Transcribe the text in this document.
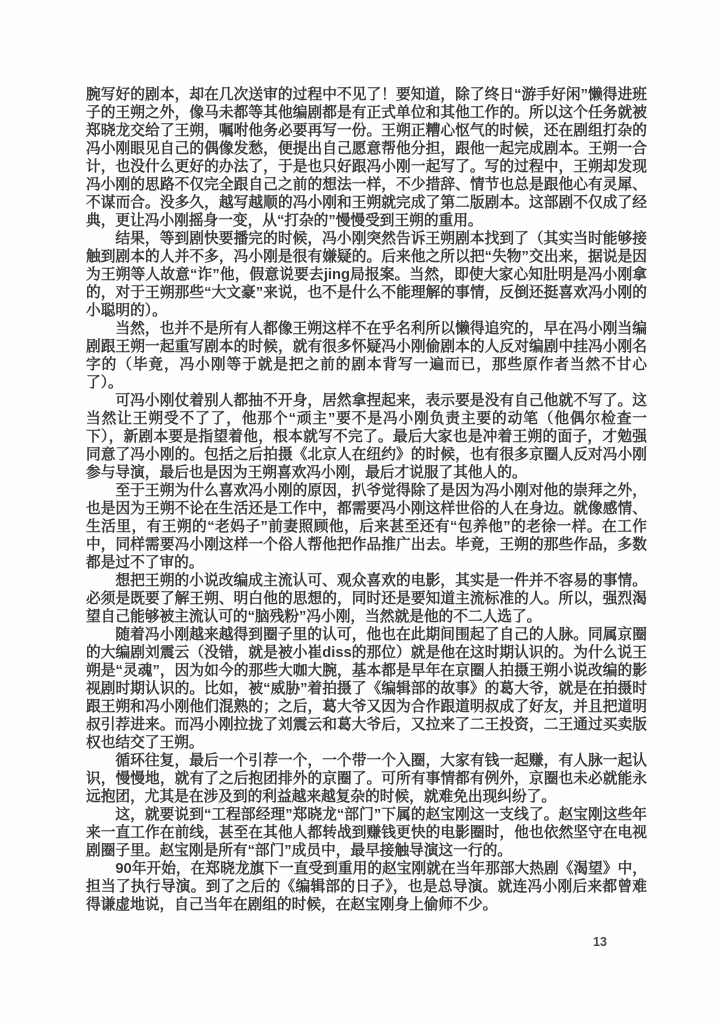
腕写好的剧本，却在几次送审的过程中不见了！要知道，除了终日“游手好闲”懒得进班子的王朔之外，像马未都等其他编剧都是有正式单位和其他工作的。所以这个任务就被郑晓龙交给了王朔，嘱咐他务必要再写一份。王朔正糟心怄气的时候，还在剧组打杂的冯小刚眼见自己的偶像发愁，便提出自己愿意帮他分担，跟他一起完成剧本。王朔一合计，也没什么更好的办法了，于是也只好跟冯小刚一起写了。写的过程中，王朔却发现冯小刚的思路不仅完全跟自己之前的想法一样，不少措辞、情节也总是跟他心有灵犀、不谋而合。没多久，越写越顺的冯小刚和王朔就完成了第二版剧本。这部剧不仅成了经典，更让冯小刚摇身一变，从“打杂的”慢慢受到王朔的重用。

结果，等到剧快要播完的时候，冯小刚突然告诉王朔剧本找到了（其实当时能够接触到剧本的人并不多，冯小刚是很有嫌疑的。后来他之所以把“失物”交出来，据说是因为王朔等人故意“诈”他，假意说要去jing局报案。当然，即使大家心知肚明是冯小刚拿的，对于王朔那些“大文豪”来说，也不是什么不能理解的事情，反倒还挺喜欢冯小刚的小聪明的）。

当然，也并不是所有人都像王朔这样不在乎名利所以懒得追究的，早在冯小刚当编剧跟王朔一起重写剧本的时候，就有很多怀疑冯小刚偷剧本的人反对编剧中挂冯小刚名字的（毕竟，冯小刚等于就是把之前的剧本背写一遍而已，那些原作者当然不甘心了）。

可冯小刚仗着别人都抽不开身，居然拿捏起来，表示要是没有自己他就不写了。这当然让王朔受不了了，他那个“顽主”要不是冯小刚负责主要的动笔（他偶尔检查一下），新剧本要是指望着他，根本就写不完了。最后大家也是冲着王朔的面子，才勉强同意了冯小刚的。包括之后拍摄《北京人在纽约》的时候，也有很多京圈人反对冯小刚参与导演，最后也是因为王朔喜欢冯小刚，最后才说服了其他人的。

至于王朔为什么喜欢冯小刚的原因，扒爷觉得除了是因为冯小刚对他的崇拜之外，也是因为王朔不论在生活还是工作中，都需要冯小刚这样世俗的人在身边。就像感情、生活里，有王朔的“老妈子”前妻照顾他，后来甚至还有“包养他”的老徐一样。在工作中，同样需要冯小刚这样一个俗人帮他把作品推广出去。毕竟，王朔的那些作品，多数都是过不了审的。

想把王朔的小说改编成主流认可、观众喜欢的电影，其实是一件并不容易的事情。必须是既要了解王朔、明白他的思想的，同时还是要知道主流标准的人。所以，强烈渴望自己能够被主流认可的“脑残粉”冯小刚，当然就是他的不二人选了。

随着冯小刚越来越得到圈子里的认可，他也在此期间围起了自己的人脉。同属京圈的大编剧刘震云（没错，就是被小崔diss的那位）就是他在这时期认识的。为什么说王朔是“灵魂”，因为如今的那些大咖大腕，基本都是早年在京圈人拍摄王朔小说改编的影视剧时期认识的。比如，被“威胁”着拍摄了《编辑部的故事》的葛大爷，就是在拍摄时跟王朔和冯小刚他们混熟的；之后，葛大爷又因为合作跟道明叔成了好友，并且把道明叔引荐进来。而冯小刚拉拢了刘震云和葛大爷后，又拉来了二王投资，二王通过买卖版权也结交了王朔。

循环往复，最后一个引荐一个，一个带一个入圈，大家有钱一起赚，有人脉一起认识，慢慢地，就有了之后抱团排外的京圈了。可所有事情都有例外，京圈也未必就能永远抱团，尤其是在涉及到的利益越来越复杂的时候，就难免出现纠纷了。

这，就要说到“工程部经理”郑晓龙“部门”下属的赵宝刚这一支线了。赵宝刚这些年来一直工作在前线，甚至在其他人都转战到赚钱更快的电影圈时，他也依然坚守在电视剧圈子里。赵宝刚是所有“部门”成员中，最早接触导演这一行的。

90年开始，在郑晓龙旗下一直受到重用的赵宝刚就在当年那部大热剧《渴望》中，担当了执行导演。到了之后的《编辑部的日子》，也是总导演。就连冯小刚后来都曾难得谦虚地说，自己当年在剧组的时候，在赵宝刚身上偷师不少。

13
